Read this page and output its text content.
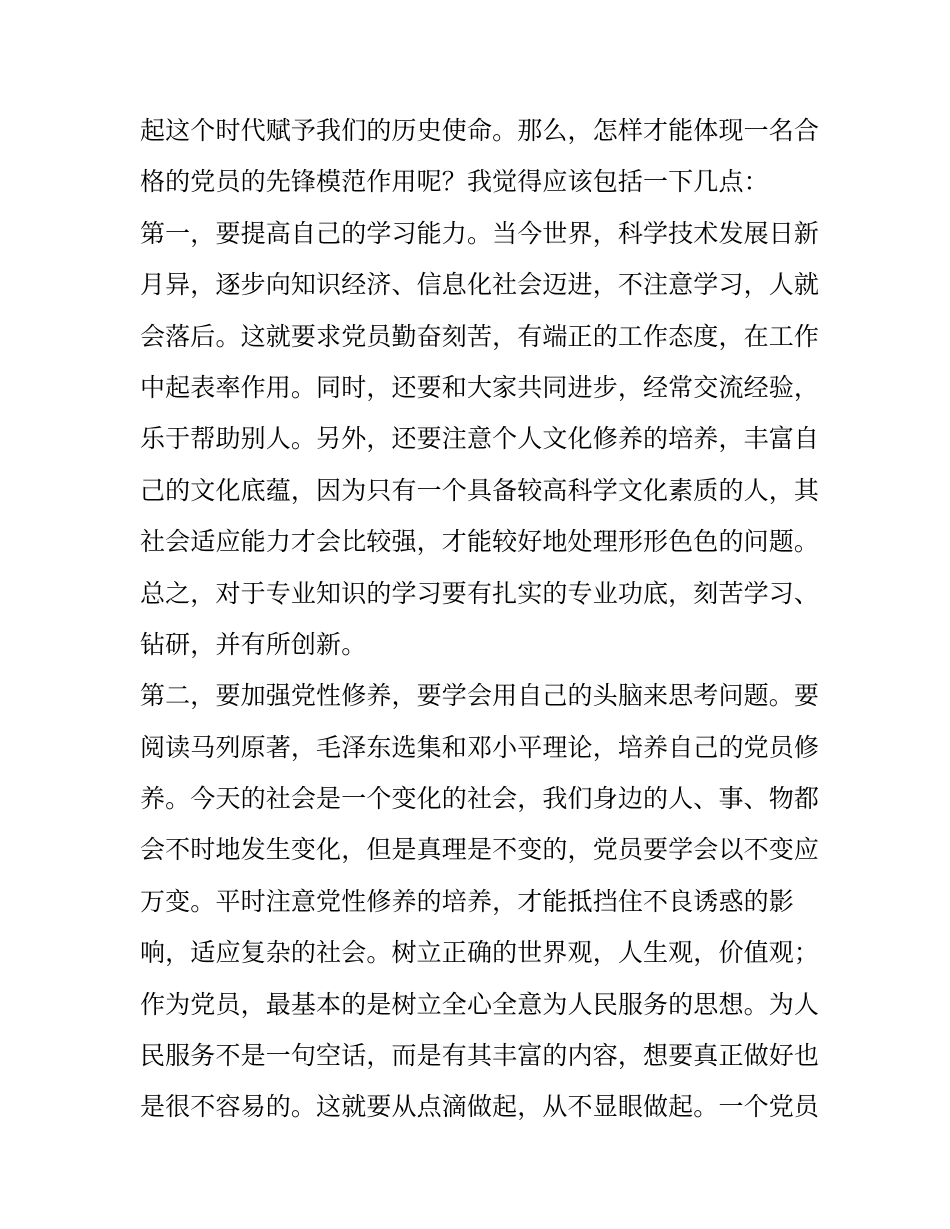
起这个时代赋予我们的历史使命。那么，怎样才能体现一名合
格的党员的先锋模范作用呢？我觉得应该包括一下几点：
第一，要提高自己的学习能力。当今世界，科学技术发展日新
月异，逐步向知识经济、信息化社会迈进，不注意学习，人就
会落后。这就要求党员勤奋刻苦，有端正的工作态度，在工作
中起表率作用。同时，还要和大家共同进步，经常交流经验，
乐于帮助别人。另外，还要注意个人文化修养的培养，丰富自
己的文化底蕴，因为只有一个具备较高科学文化素质的人，其
社会适应能力才会比较强，才能较好地处理形形色色的问题。
总之，对于专业知识的学习要有扎实的专业功底，刻苦学习、
钻研，并有所创新。
第二，要加强党性修养，要学会用自己的头脑来思考问题。要
阅读马列原著，毛泽东选集和邓小平理论，培养自己的党员修
养。今天的社会是一个变化的社会，我们身边的人、事、物都
会不时地发生变化，但是真理是不变的，党员要学会以不变应
万变。平时注意党性修养的培养，才能抵挡住不良诱惑的影
响，适应复杂的社会。树立正确的世界观，人生观，价值观；
作为党员，最基本的是树立全心全意为人民服务的思想。为人
民服务不是一句空话，而是有其丰富的内容，想要真正做好也
是很不容易的。这就要从点滴做起，从不显眼做起。一个党员
